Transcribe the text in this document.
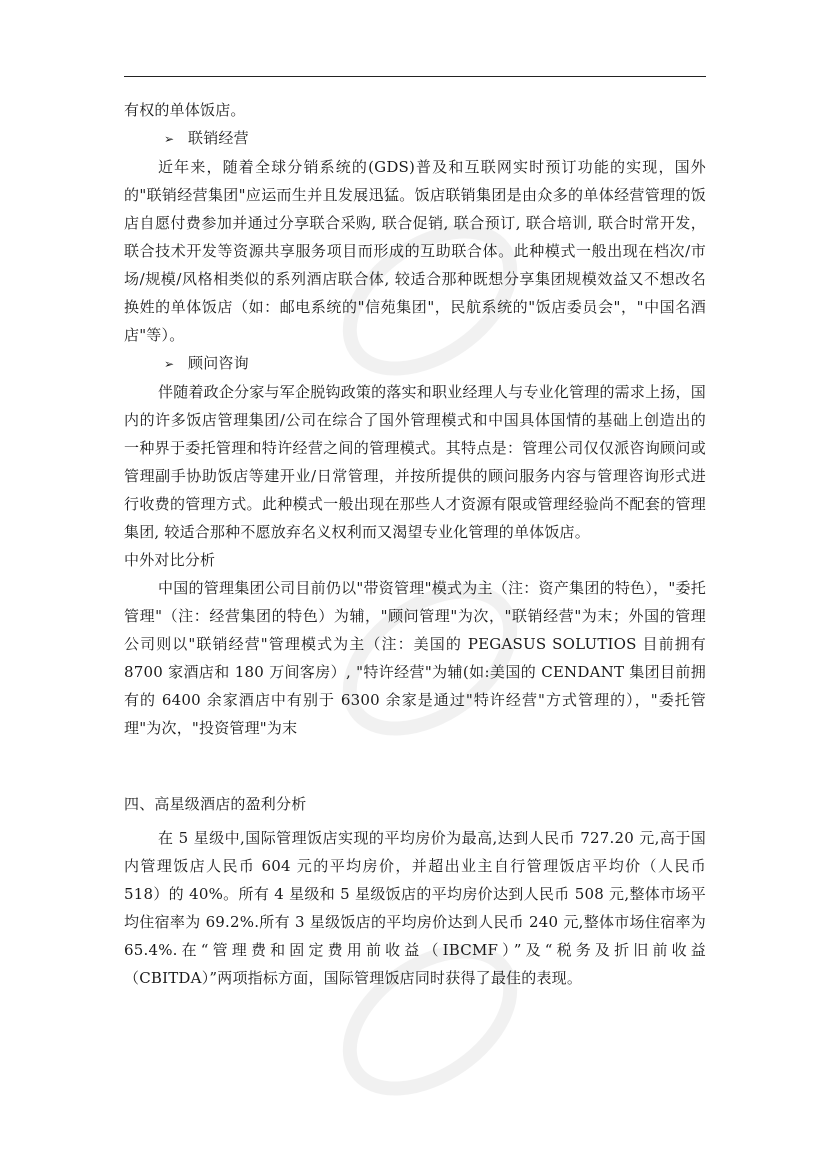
有权的单体饭店。

➢ 联销经营

近年来，随着全球分销系统的(GDS)普及和互联网实时预订功能的实现，国外的"联销经营集团"应运而生并且发展迅猛。饭店联销集团是由众多的单体经营管理的饭店自愿付费参加并通过分享联合采购, 联合促销, 联合预订, 联合培训, 联合时常开发，联合技术开发等资源共享服务项目而形成的互助联合体。此种模式一般出现在档次/市场/规模/风格相类似的系列酒店联合体, 较适合那种既想分享集团规模效益又不想改名换姓的单体饭店（如：邮电系统的"信苑集团"，民航系统的"饭店委员会"，"中国名酒店"等）。

➢ 顾问咨询

伴随着政企分家与军企脱钩政策的落实和职业经理人与专业化管理的需求上扬，国内的许多饭店管理集团/公司在综合了国外管理模式和中国具体国情的基础上创造出的一种界于委托管理和特许经营之间的管理模式。其特点是：管理公司仅仅派咨询顾问或管理副手协助饭店等建开业/日常管理，并按所提供的顾问服务内容与管理咨询形式进行收费的管理方式。此种模式一般出现在那些人才资源有限或管理经验尚不配套的管理集团, 较适合那种不愿放弃名义权利而又渴望专业化管理的单体饭店。

中外对比分析

中国的管理集团公司目前仍以"带资管理"模式为主（注：资产集团的特色），"委托管理"（注：经营集团的特色）为辅，"顾问管理"为次，"联销经营"为末；外国的管理公司则以"联销经营"管理模式为主（注：美国的 PEGASUS SOLUTIOS 目前拥有 8700 家酒店和 180 万间客房）, "特许经营"为辅(如:美国的 CENDANT 集团目前拥有的 6400 余家酒店中有别于 6300 余家是通过"特许经营"方式管理的），"委托管理"为次，"投资管理"为末

四、高星级酒店的盈利分析

在 5 星级中,国际管理饭店实现的平均房价为最高,达到人民币 727.20 元,高于国内管理饭店人民币 604 元的平均房价，并超出业主自行管理饭店平均价（人民币 518）的 40%。所有 4 星级和 5 星级饭店的平均房价达到人民币 508 元,整体市场平均住宿率为 69.2%.所有 3 星级饭店的平均房价达到人民币 240 元,整体市场住宿率为 65.4%.在“管理费和固定费用前收益（IBCMF）”及“税务及折旧前收益（CBITDA）”两项指标方面，国际管理饭店同时获得了最佳的表现。
